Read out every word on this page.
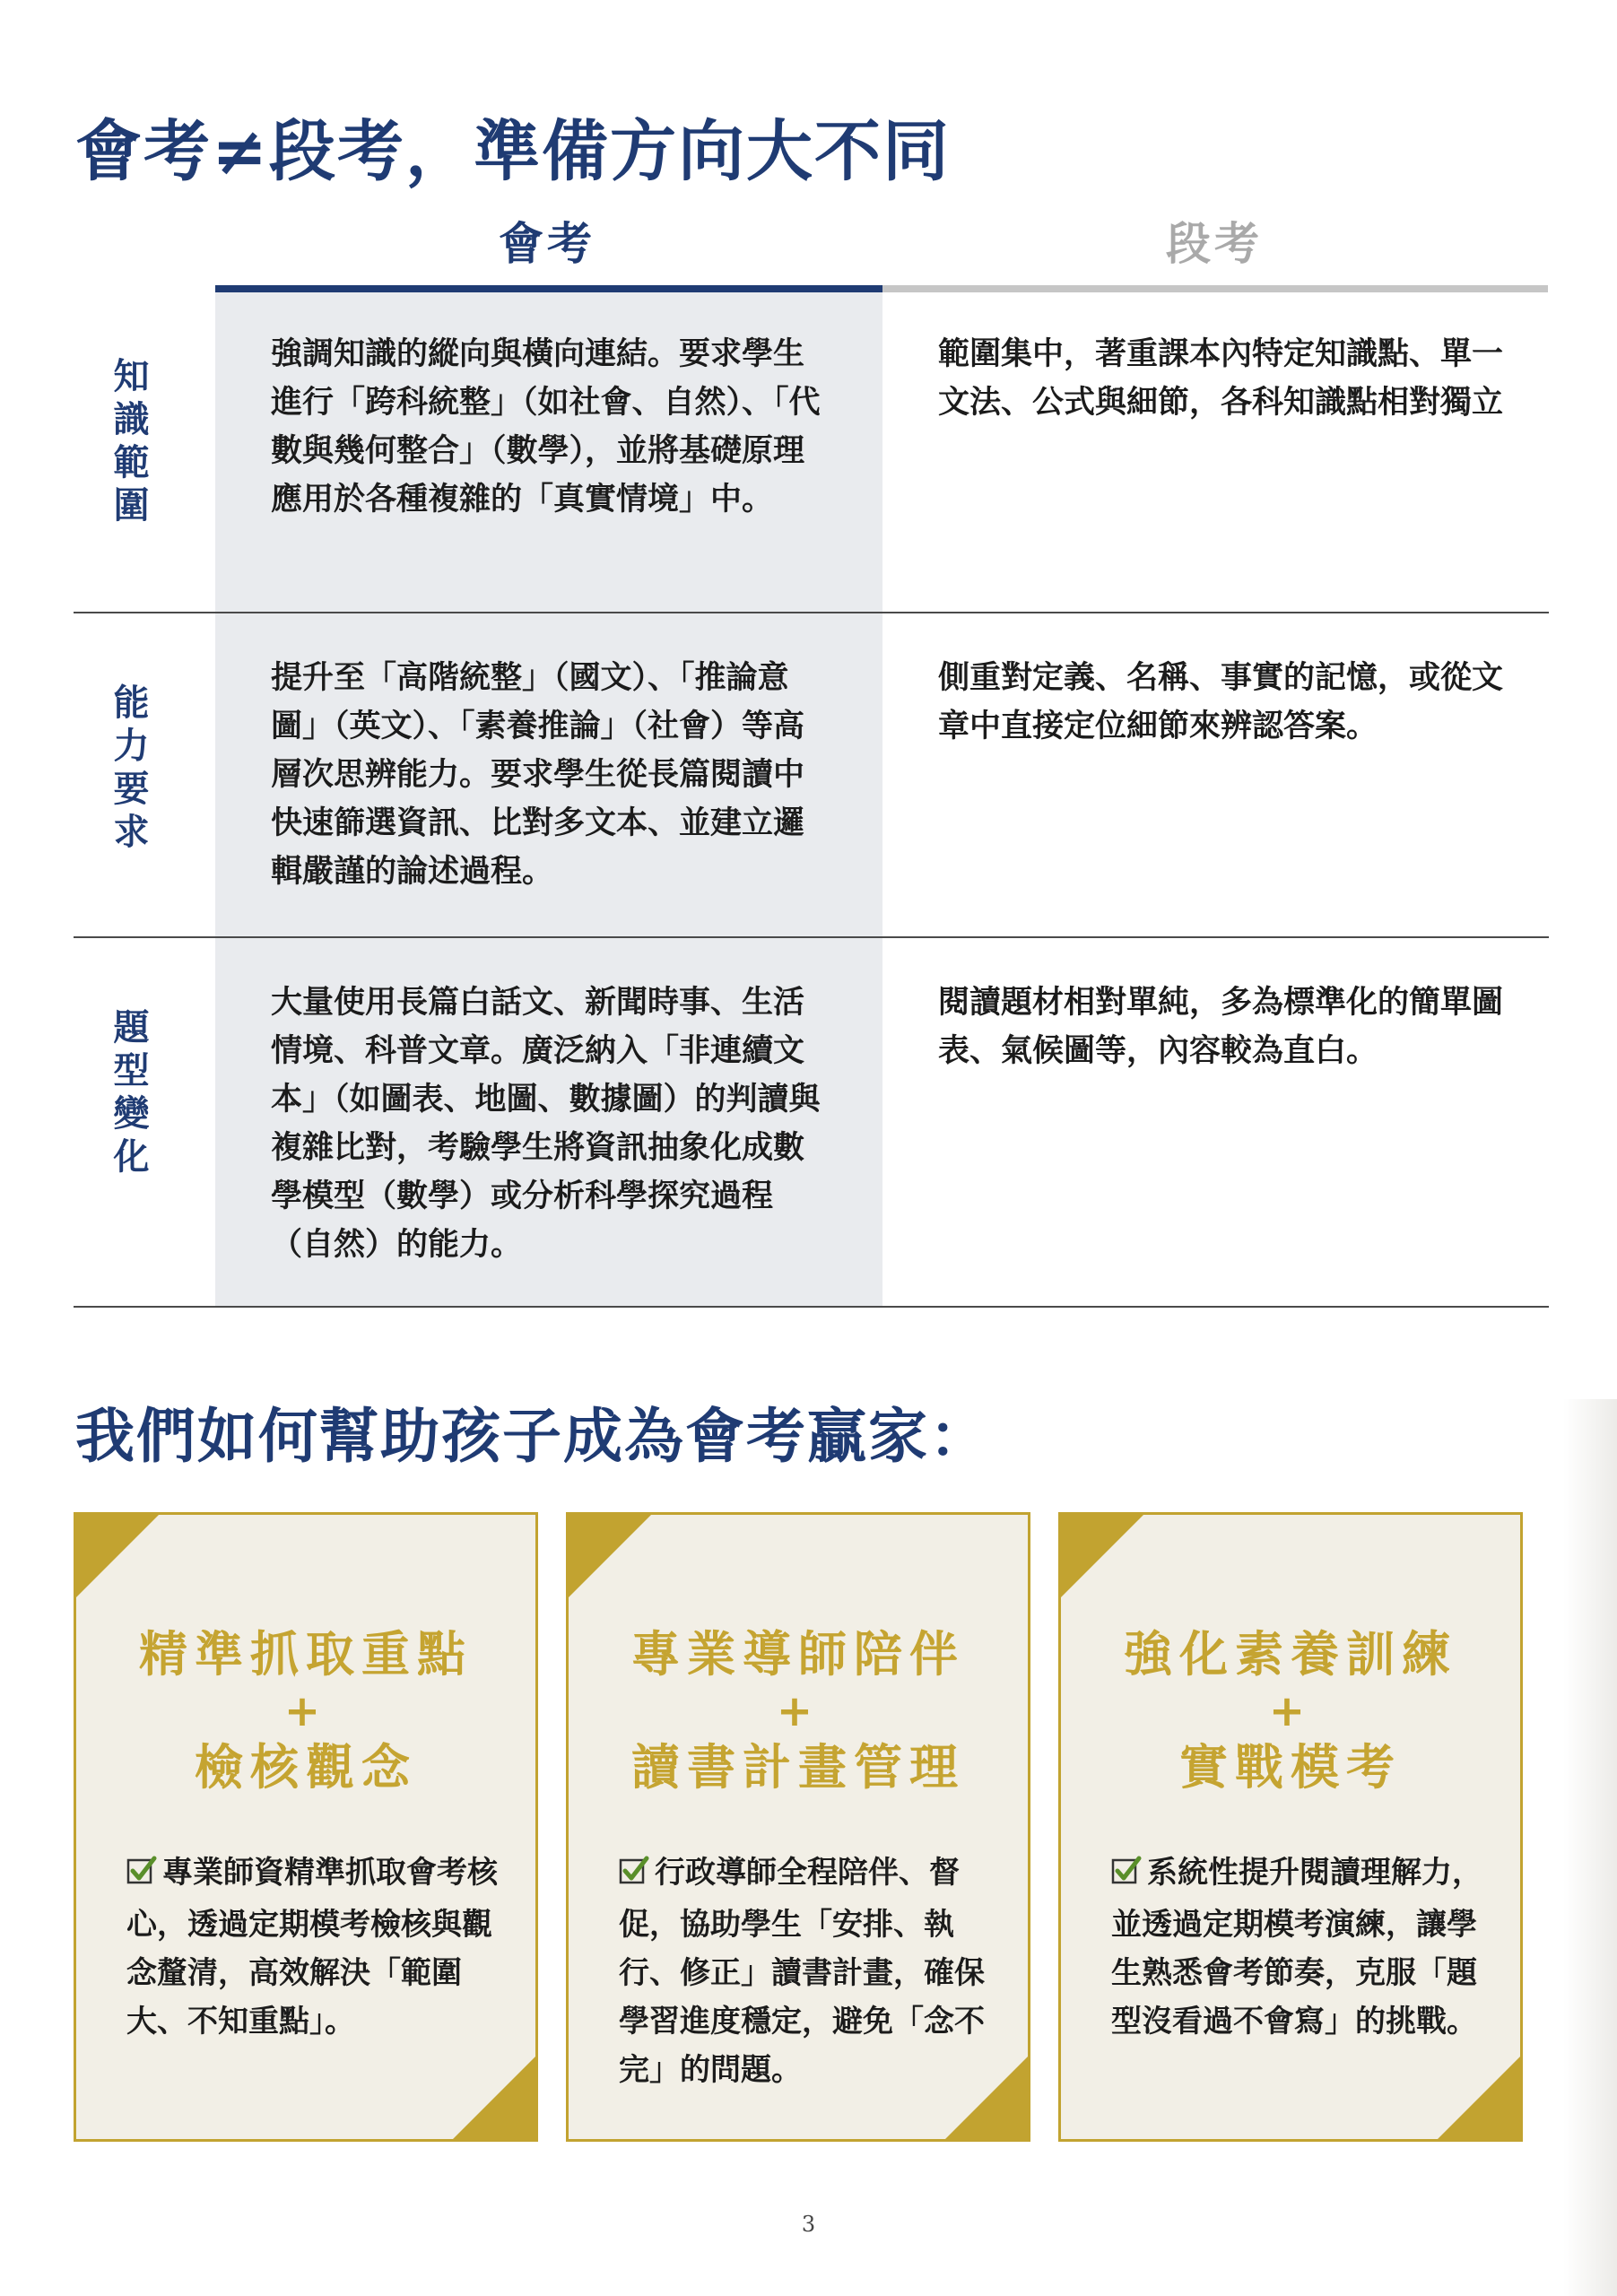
會考≠段考，準備方向大不同
會考	段考
知識範圍

強調知識的縱向與橫向連結。要求學生進行「跨科統整」（如社會、自然）、「代數與幾何整合」（數學），並將基礎原理應用於各種複雜的「真實情境」中。

範圍集中，著重課本內特定知識點、單一文法、公式與細節，各科知識點相對獨立

能力要求

提升至「高階統整」（國文）、「推論意圖」（英文）、「素養推論」（社會）等高層次思辨能力。要求學生從長篇閱讀中快速篩選資訊、比對多文本、並建立邏輯嚴謹的論述過程。

側重對定義、名稱、事實的記憶，或從文章中直接定位細節來辨認答案。

題型變化

大量使用長篇白話文、新聞時事、生活情境、科普文章。廣泛納入「非連續文本」（如圖表、地圖、數據圖）的判讀與複雜比對，考驗學生將資訊抽象化成數學模型（數學）或分析科學探究過程（自然）的能力。

閱讀題材相對單純，多為標準化的簡單圖表、氣候圖等，內容較為直白。

我們如何幫助孩子成為會考贏家：
精準抓取重點
+
檢核觀念

專業師資精準抓取會考核心，透過定期模考檢核與觀念釐清，高效解決「範圍大、不知重點」。

專業導師陪伴
+
讀書計畫管理

行政導師全程陪伴、督促，協助學生「安排、執行、修正」讀書計畫，確保學習進度穩定，避免「念不完」的問題。

強化素養訓練
+
實戰模考

系統性提升閱讀理解力，並透過定期模考演練，讓學生熟悉會考節奏，克服「題型沒看過不會寫」的挑戰。

3
